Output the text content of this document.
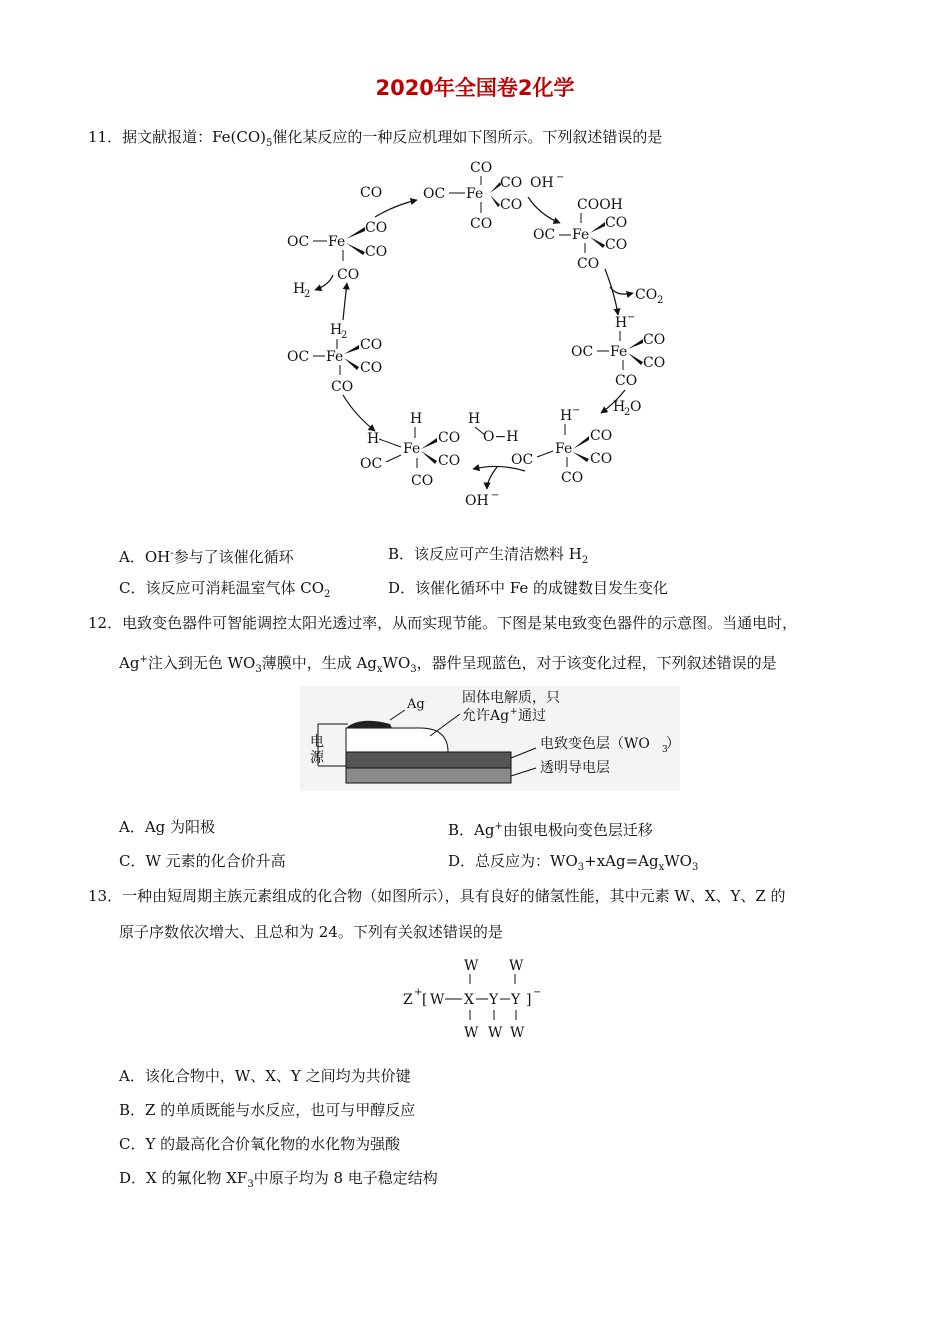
2020年全国卷2化学
11．据文献报道：$Fe(CO)_5$催化某反应的一种反应机理如下图所示。下列叙述错误的是
CO
OC Fe
CO
CO
CO
OH −
COOH
OC Fe
CO
CO
CO
CO 2
H −
OC Fe
CO
CO
CO
H
2 O
H −
OC
Fe
CO
CO
CO
H
O−H
OH −
H
H
Fe
OC
CO
CO
CO
H
2
OC Fe
CO
CO
CO
H
2
CO
CO
OC Fe
CO
CO
A．OH-参与了该催化循环	B．该反应可产生清洁燃料 $H_2$
C．该反应可消耗温室气体 $CO_2$	D．该催化循环中 Fe 的成键数目发生变化
12．电致变色器件可智能调控太阳光透过率，从而实现节能。下图是某电致变色器件的示意图。当通电时，
Ag+注入到无色 $WO_3$薄膜中，生成 $Ag_xWO_3$，器件呈现蓝色，对于该变化过程，下列叙述错误的是
电
源
Ag	固体电解质，只
允许Ag + 通过
电致变色层（WO 3
）
透明导电层
A．Ag 为阳极	B．Ag+由银电极向变色层迁移
C．W 元素的化合价升高	D．总反应为：$WO_3+xAg=Ag_xWO_3$
13．一种由短周期主族元素组成的化合物（如图所示），具有良好的储氢性能，其中元素 W、X、Y、Z 的
原子序数依次增大、且总和为 24。下列有关叙述错误的是
W W
Z + [ W X Y Y ] −
W W W
A．该化合物中，W、X、Y 之间均为共价键
B．Z 的单质既能与水反应，也可与甲醇反应
C．Y 的最高化合价氧化物的水化物为强酸
D．X 的氟化物 $XF_3$中原子均为 8 电子稳定结构
